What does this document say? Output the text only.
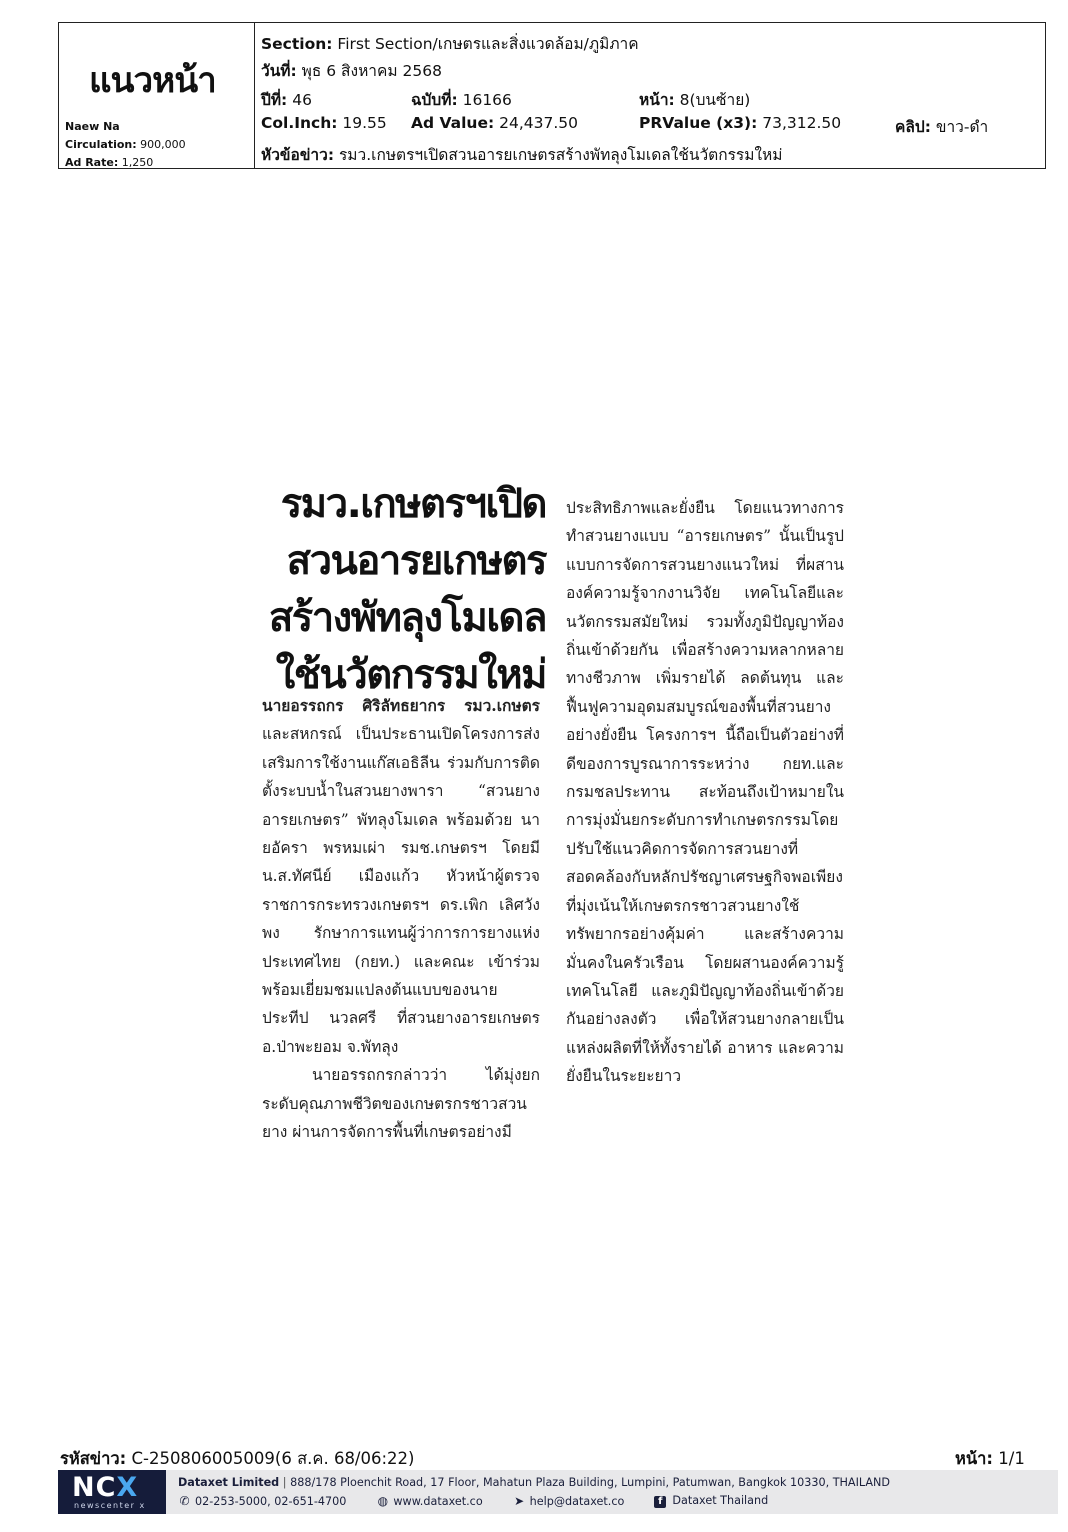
แนวหน้า
Naew Na
Circulation: 900,000
Ad Rate: 1,250
Section: First Section/เกษตรและสิ่งแวดล้อม/ภูมิภาค
วันที่: พุธ 6 สิงหาคม 2568
ปีที่: 46	ฉบับที่: 16166	หน้า: 8(บนซ้าย)
Col.Inch: 19.55 Ad Value: 24,437.50	PRValue (x3): 73,312.50	คลิป: ขาว-ดำ
หัวข้อข่าว: รมว.เกษตรฯเปิดสวนอารยเกษตรสร้างพัทลุงโมเดลใช้นวัตกรรมใหม่
รมว.เกษตรฯเปิด
สวนอารยเกษตร
สร้างพัทลุงโมเดล
ใช้นวัตกรรมใหม่

นายอรรถกร ศิริลัทธยากร รมว.เกษตร และสหกรณ์ เป็นประธานเปิดโครงการส่งเสริมการใช้งานแก๊สเอธิลีน ร่วมกับการติดตั้งระบบน้ำในสวนยางพารา “สวนยางอารยเกษตร” พัทลุงโมเดล พร้อมด้วย นายอัครา พรหมเผ่า รมช.เกษตรฯ โดยมี น.ส.ทัศนีย์ เมืองแก้ว หัวหน้าผู้ตรวจราชการกระทรวงเกษตรฯ ดร.เพิก เลิศวังพง รักษาการแทนผู้ว่าการการยางแห่งประเทศไทย (กยท.) และคณะ เข้าร่วม พร้อมเยี่ยมชมแปลงต้นแบบของนายประทีป นวลศรี ที่สวนยางอารยเกษตร อ.ป่าพะยอม จ.พัทลุง

นายอรรถกรกล่าวว่า ได้มุ่งยกระดับคุณภาพชีวิตของเกษตรกรชาวสวนยาง ผ่านการจัดการพื้นที่เกษตรอย่างมี

ประสิทธิภาพและยั่งยืน โดยแนวทางการทำสวนยางแบบ “อารยเกษตร” นั้นเป็นรูปแบบการจัดการสวนยางแนวใหม่ ที่ผสานองค์ความรู้จากงานวิจัย เทคโนโลยีและนวัตกรรมสมัยใหม่ รวมทั้งภูมิปัญญาท้องถิ่นเข้าด้วยกัน เพื่อสร้างความหลากหลายทางชีวภาพ เพิ่มรายได้ ลดต้นทุน และฟื้นฟูความอุดมสมบูรณ์ของพื้นที่สวนยางอย่างยั่งยืน โครงการฯ นี้ถือเป็นตัวอย่างที่ดีของการบูรณาการระหว่าง กยท.และกรมชลประทาน สะท้อนถึงเป้าหมายในการมุ่งมั่นยกระดับการทำเกษตรกรรมโดยปรับใช้แนวคิดการจัดการสวนยางที่สอดคล้องกับหลักปรัชญาเศรษฐกิจพอเพียง ที่มุ่งเน้นให้เกษตรกรชาวสวนยางใช้ทรัพยากรอย่างคุ้มค่า และสร้างความมั่นคงในครัวเรือน โดยผสานองค์ความรู้ เทคโนโลยี และภูมิปัญญาท้องถิ่นเข้าด้วยกันอย่างลงตัว เพื่อให้สวนยางกลายเป็นแหล่งผลิตที่ให้ทั้งรายได้ อาหาร และความยั่งยืนในระยะยาว

รหัสข่าว: C-250806005009(6 ส.ค. 68/06:22)	หน้า: 1/1
NCX
newscenter x
Dataxet Limited | 888/178 Ploenchit Road, 17 Floor, Mahatun Plaza Building, Lumpini, Patumwan, Bangkok 10330, THAILAND
✆ 02-253-5000, 02-651-4700	◍ www.dataxet.co	➤ help@dataxet.co	f Dataxet Thailand
